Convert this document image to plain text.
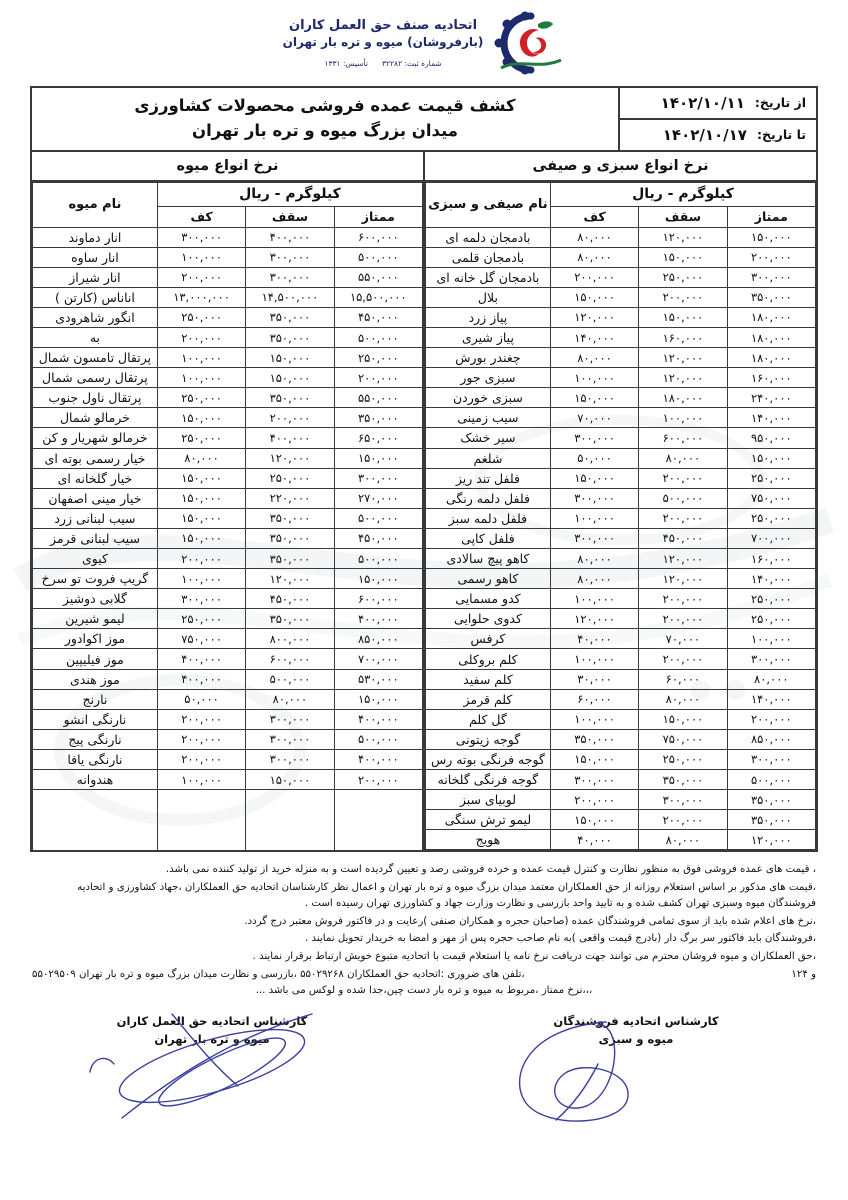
اتحادیه صنف حق العمل کاران
(بارفروشان) میوه و تره بار تهران
شماره ثبت: ۳۲۲۸۲
تأسیس: ۱۳۳۱
از تاریخ:
۱۴۰۲/۱۰/۱۱
تا تاریخ:
۱۴۰۲/۱۰/۱۷
کشف قیمت عمده فروشی محصولات کشاورزی
میدان بزرگ میوه و تره بار تهران
نرخ انواع سبزی و صیفی
نرخ انواع میوه
کیلوگرم - ریال			نام صیفی و سبزی
ممتاز	سقف	کف	
۱۵۰,۰۰۰	۱۲۰,۰۰۰	۸۰,۰۰۰	بادمجان دلمه ای
۲۰۰,۰۰۰	۱۵۰,۰۰۰	۸۰,۰۰۰	بادمجان قلمی
۳۰۰,۰۰۰	۲۵۰,۰۰۰	۲۰۰,۰۰۰	بادمجان گل خانه ای
۳۵۰,۰۰۰	۲۰۰,۰۰۰	۱۵۰,۰۰۰	بلال
۱۸۰,۰۰۰	۱۵۰,۰۰۰	۱۲۰,۰۰۰	پیاز زرد
۱۸۰,۰۰۰	۱۶۰,۰۰۰	۱۴۰,۰۰۰	پیاز شیری
۱۸۰,۰۰۰	۱۲۰,۰۰۰	۸۰,۰۰۰	چغندر بورش
۱۶۰,۰۰۰	۱۲۰,۰۰۰	۱۰۰,۰۰۰	سبزی جور
۲۴۰,۰۰۰	۱۸۰,۰۰۰	۱۵۰,۰۰۰	سبزی خوردن
۱۴۰,۰۰۰	۱۰۰,۰۰۰	۷۰,۰۰۰	سیب زمینی
۹۵۰,۰۰۰	۶۰۰,۰۰۰	۳۰۰,۰۰۰	سیر خشک
۱۵۰,۰۰۰	۸۰,۰۰۰	۵۰,۰۰۰	شلغم
۲۵۰,۰۰۰	۲۰۰,۰۰۰	۱۵۰,۰۰۰	فلفل تند ریز
۷۵۰,۰۰۰	۵۰۰,۰۰۰	۳۰۰,۰۰۰	فلفل دلمه رنگی
۲۵۰,۰۰۰	۲۰۰,۰۰۰	۱۰۰,۰۰۰	فلفل دلمه سبز
۷۰۰,۰۰۰	۴۵۰,۰۰۰	۳۰۰,۰۰۰	فلفل کاپی
۱۶۰,۰۰۰	۱۲۰,۰۰۰	۸۰,۰۰۰	کاهو پیچ سالادی
۱۴۰,۰۰۰	۱۲۰,۰۰۰	۸۰,۰۰۰	کاهو رسمی
۲۵۰,۰۰۰	۲۰۰,۰۰۰	۱۰۰,۰۰۰	کدو مسمایی
۲۵۰,۰۰۰	۲۰۰,۰۰۰	۱۲۰,۰۰۰	کدوی حلوایی
۱۰۰,۰۰۰	۷۰,۰۰۰	۴۰,۰۰۰	کرفس
۳۰۰,۰۰۰	۲۰۰,۰۰۰	۱۰۰,۰۰۰	کلم بروکلی
۸۰,۰۰۰	۶۰,۰۰۰	۳۰,۰۰۰	کلم سفید
۱۴۰,۰۰۰	۸۰,۰۰۰	۶۰,۰۰۰	کلم قرمز
۲۰۰,۰۰۰	۱۵۰,۰۰۰	۱۰۰,۰۰۰	گل کلم
۸۵۰,۰۰۰	۷۵۰,۰۰۰	۳۵۰,۰۰۰	گوجه زیتونی
۳۰۰,۰۰۰	۲۵۰,۰۰۰	۱۵۰,۰۰۰	گوجه فرنگی بوته رس
۵۰۰,۰۰۰	۳۵۰,۰۰۰	۳۰۰,۰۰۰	گوجه فرنگی گلخانه
۳۵۰,۰۰۰	۳۰۰,۰۰۰	۲۰۰,۰۰۰	لوبیای سبز
۳۵۰,۰۰۰	۲۰۰,۰۰۰	۱۵۰,۰۰۰	لیمو ترش سنگی
۱۲۰,۰۰۰	۸۰,۰۰۰	۴۰,۰۰۰	هویج
کیلوگرم - ریال			نام میوه
ممتاز	سقف	کف	
۶۰۰,۰۰۰	۴۰۰,۰۰۰	۳۰۰,۰۰۰	انار دماوند
۵۰۰,۰۰۰	۳۰۰,۰۰۰	۱۰۰,۰۰۰	انار ساوه
۵۵۰,۰۰۰	۳۰۰,۰۰۰	۲۰۰,۰۰۰	انار شیراز
۱۵,۵۰۰,۰۰۰	۱۴,۵۰۰,۰۰۰	۱۳,۰۰۰,۰۰۰	اناناس (کارتن )
۴۵۰,۰۰۰	۳۵۰,۰۰۰	۲۵۰,۰۰۰	انگور شاهرودی
۵۰۰,۰۰۰	۳۵۰,۰۰۰	۲۰۰,۰۰۰	به
۲۵۰,۰۰۰	۱۵۰,۰۰۰	۱۰۰,۰۰۰	پرتقال تامسون شمال
۲۰۰,۰۰۰	۱۵۰,۰۰۰	۱۰۰,۰۰۰	پرتقال رسمی شمال
۵۵۰,۰۰۰	۳۵۰,۰۰۰	۲۵۰,۰۰۰	پرتقال ناول جنوب
۳۵۰,۰۰۰	۲۰۰,۰۰۰	۱۵۰,۰۰۰	خرمالو شمال
۶۵۰,۰۰۰	۴۰۰,۰۰۰	۲۵۰,۰۰۰	خرمالو شهریار و کن
۱۵۰,۰۰۰	۱۲۰,۰۰۰	۸۰,۰۰۰	خیار رسمی بوته ای
۳۰۰,۰۰۰	۲۵۰,۰۰۰	۱۵۰,۰۰۰	خیار گلخانه ای
۲۷۰,۰۰۰	۲۲۰,۰۰۰	۱۵۰,۰۰۰	خیار مینی اصفهان
۵۰۰,۰۰۰	۳۵۰,۰۰۰	۱۵۰,۰۰۰	سیب لبنانی زرد
۴۵۰,۰۰۰	۳۵۰,۰۰۰	۱۵۰,۰۰۰	سیب لبنانی قرمز
۵۰۰,۰۰۰	۳۵۰,۰۰۰	۲۰۰,۰۰۰	کیوی
۱۵۰,۰۰۰	۱۲۰,۰۰۰	۱۰۰,۰۰۰	گریپ فروت تو سرخ
۶۰۰,۰۰۰	۴۵۰,۰۰۰	۳۰۰,۰۰۰	گلابی دوشیز
۴۰۰,۰۰۰	۳۵۰,۰۰۰	۲۵۰,۰۰۰	لیمو شیرین
۸۵۰,۰۰۰	۸۰۰,۰۰۰	۷۵۰,۰۰۰	موز اکوادور
۷۰۰,۰۰۰	۶۰۰,۰۰۰	۴۰۰,۰۰۰	موز فیلیپین
۵۳۰,۰۰۰	۵۰۰,۰۰۰	۴۰۰,۰۰۰	موز هندی
۱۵۰,۰۰۰	۸۰,۰۰۰	۵۰,۰۰۰	نارنج
۴۰۰,۰۰۰	۳۰۰,۰۰۰	۲۰۰,۰۰۰	نارنگی انشو
۵۰۰,۰۰۰	۳۰۰,۰۰۰	۲۰۰,۰۰۰	نارنگی پیج
۴۰۰,۰۰۰	۳۰۰,۰۰۰	۲۰۰,۰۰۰	نارنگی یافا
۲۰۰,۰۰۰	۱۵۰,۰۰۰	۱۰۰,۰۰۰	هندوانه

، قیمت های عمده فروشی فوق به منظور نظارت و کنترل قیمت عمده و خرده فروشی رصد و تعیین گردیده است و به منزله خرید از تولید کننده نمی باشد.

،قیمت های مذکور بر اساس استعلام روزانه از حق العملکاران معتمد میدان بزرگ میوه و تره بار تهران و اعمال نظر کارشناسان اتحادیه حق العملکاران ،جهاد کشاورزی و اتحادیه فروشندگان میوه وسبزی تهران کشف شده و به تایید واحد بازرسی و نظارت وزارت جهاد و کشاورزی تهران رسیده است .

،نرخ های اعلام شده باید از سوی تمامی فروشندگان عمده (صاحبان حجره و همکاران صنفی )رعایت و در فاکتور فروش معتبر درج گردد.

،فروشندگان باید فاکتور سر برگ دار (بادرج قیمت واقعی )به نام صاحب حجره پس از مهر و امضا به خریدار تحویل نمایند .

،حق العملکاران و میوه فروشان محترم می توانند جهت دریافت نرخ نامه یا استعلام قیمت با اتحادیه متبوع خویش ارتباط برقرار نمایند .

و ۱۲۴
،تلفن های ضروری :اتحادیه حق العملکاران ۵۵۰۲۹۲۶۸ ،بازرسی و نظارت میدان بزرگ میوه و تره بار تهران ۵۵۰۲۹۵۰۹

،،،نرخ ممتاز ،مربوط به میوه و تره بار دست چین،جدا شده و لوکس می باشد ...

کارشناس اتحادیه فروشندگان
میوه و سبزی
کارشناس اتحادیه حق العمل کاران
میوه و تره بار تهران
